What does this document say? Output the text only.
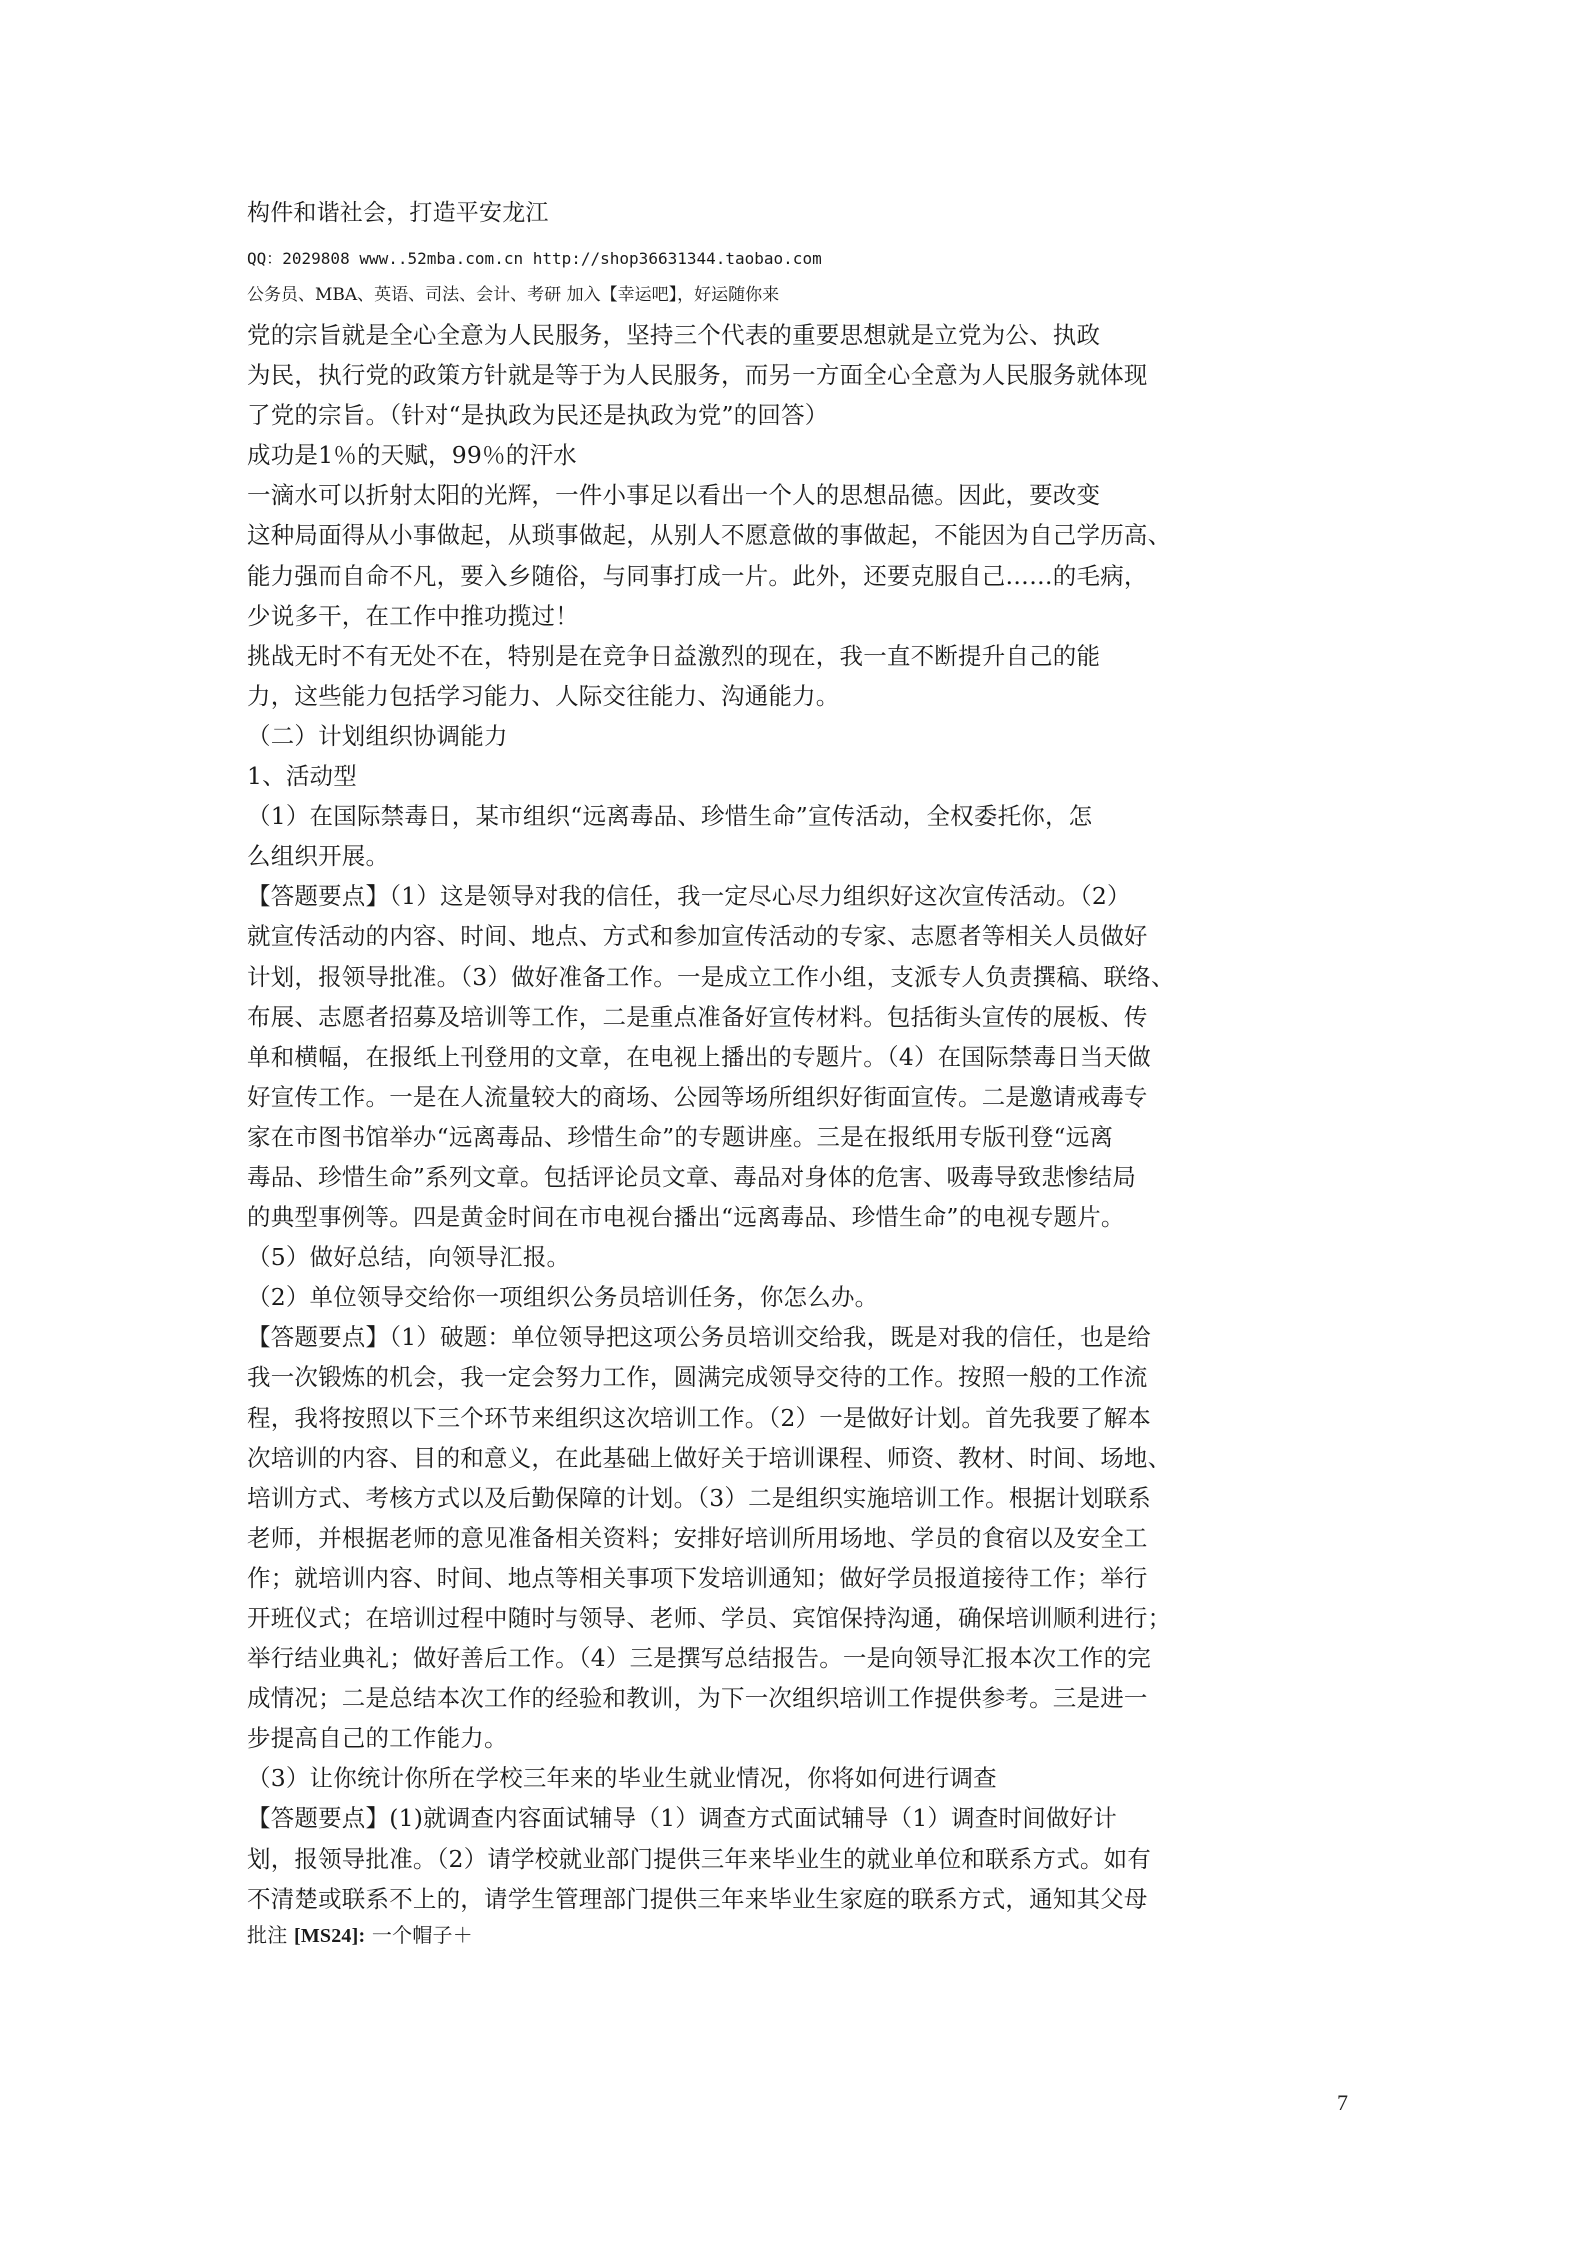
构件和谐社会，打造平安龙江
QQ：2029808 www..52mba.com.cn http://shop36631344.taobao.com
公务员、MBA、英语、司法、会计、考研 加入【幸运吧】，好运随你来
党的宗旨就是全心全意为人民服务，坚持三个代表的重要思想就是立党为公、执政
为民，执行党的政策方针就是等于为人民服务，而另一方面全心全意为人民服务就体现
了党的宗旨。（针对“是执政为民还是执政为党”的回答）
成功是1％的天赋，99％的汗水
一滴水可以折射太阳的光辉，一件小事足以看出一个人的思想品德。因此，要改变
这种局面得从小事做起，从琐事做起，从别人不愿意做的事做起，不能因为自己学历高、
能力强而自命不凡，要入乡随俗，与同事打成一片。此外，还要克服自己……的毛病，
少说多干，在工作中推功揽过！
挑战无时不有无处不在，特别是在竞争日益激烈的现在，我一直不断提升自己的能
力，这些能力包括学习能力、人际交往能力、沟通能力。
（二）计划组织协调能力
1、活动型
（1）在国际禁毒日，某市组织“远离毒品、珍惜生命”宣传活动，全权委托你，怎
么组织开展。
【答题要点】（1）这是领导对我的信任，我一定尽心尽力组织好这次宣传活动。（2）
就宣传活动的内容、时间、地点、方式和参加宣传活动的专家、志愿者等相关人员做好
计划，报领导批准。（3）做好准备工作。一是成立工作小组，支派专人负责撰稿、联络、
布展、志愿者招募及培训等工作，二是重点准备好宣传材料。包括街头宣传的展板、传
单和横幅，在报纸上刊登用的文章，在电视上播出的专题片。（4）在国际禁毒日当天做
好宣传工作。一是在人流量较大的商场、公园等场所组织好街面宣传。二是邀请戒毒专
家在市图书馆举办“远离毒品、珍惜生命”的专题讲座。三是在报纸用专版刊登“远离
毒品、珍惜生命”系列文章。包括评论员文章、毒品对身体的危害、吸毒导致悲惨结局
的典型事例等。四是黄金时间在市电视台播出“远离毒品、珍惜生命”的电视专题片。
（5）做好总结，向领导汇报。
（2）单位领导交给你一项组织公务员培训任务，你怎么办。
【答题要点】（1）破题：单位领导把这项公务员培训交给我，既是对我的信任，也是给
我一次锻炼的机会，我一定会努力工作，圆满完成领导交待的工作。按照一般的工作流
程，我将按照以下三个环节来组织这次培训工作。（2）一是做好计划。首先我要了解本
次培训的内容、目的和意义，在此基础上做好关于培训课程、师资、教材、时间、场地、
培训方式、考核方式以及后勤保障的计划。（3）二是组织实施培训工作。根据计划联系
老师，并根据老师的意见准备相关资料；安排好培训所用场地、学员的食宿以及安全工
作；就培训内容、时间、地点等相关事项下发培训通知；做好学员报道接待工作；举行
开班仪式；在培训过程中随时与领导、老师、学员、宾馆保持沟通，确保培训顺利进行；
举行结业典礼；做好善后工作。（4）三是撰写总结报告。一是向领导汇报本次工作的完
成情况；二是总结本次工作的经验和教训，为下一次组织培训工作提供参考。三是进一
步提高自己的工作能力。
（3）让你统计你所在学校三年来的毕业生就业情况，你将如何进行调查
【答题要点】(1)就调查内容面试辅导（1）调查方式面试辅导（1）调查时间做好计
划，报领导批准。（2）请学校就业部门提供三年来毕业生的就业单位和联系方式。如有
不清楚或联系不上的，请学生管理部门提供三年来毕业生家庭的联系方式，通知其父母
批注 [MS24]: 一个帽子＋
7
